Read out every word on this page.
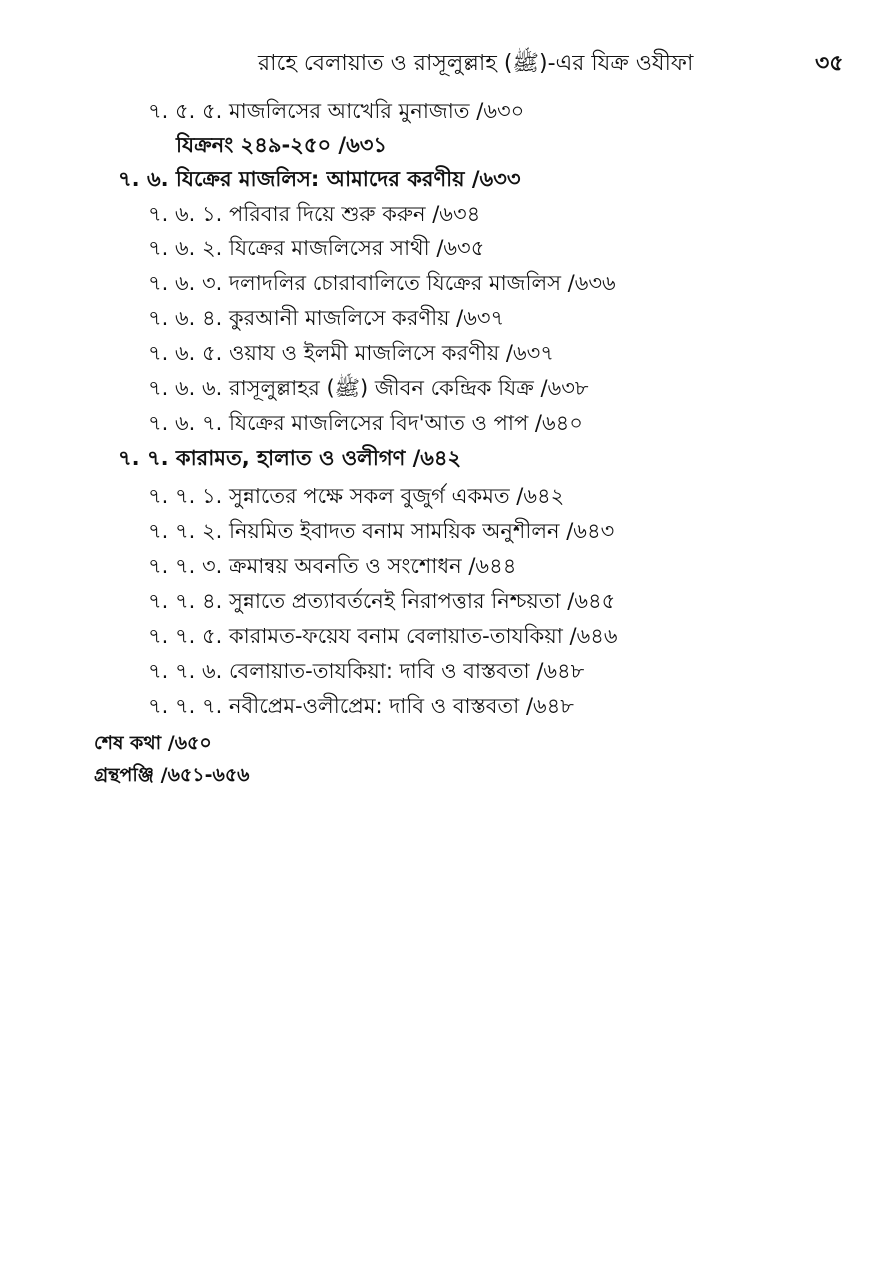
রাহে বেলায়াত ও রাসূলুল্লাহ (ﷺ)-এর যিক্র ওযীফা	৩৫
৭. ৫. ৫. মাজলিসের আখেরি মুনাজাত /৬৩০
যিক্রনং ২৪৯-২৫০ /৬৩১
৭. ৬. যিক্রের মাজলিস: আমাদের করণীয় /৬৩৩
৭. ৬. ১. পরিবার দিয়ে শুরু করুন /৬৩৪
৭. ৬. ২. যিক্রের মাজলিসের সাথী /৬৩৫
৭. ৬. ৩. দলাদলির চোরাবালিতে যিক্রের মাজলিস /৬৩৬
৭. ৬. ৪. কুরআনী মাজলিসে করণীয় /৬৩৭
৭. ৬. ৫. ওয়ায ও ইলমী মাজলিসে করণীয় /৬৩৭
৭. ৬. ৬. রাসূলুল্লাহর (ﷺ) জীবন কেন্দ্রিক যিক্র /৬৩৮
৭. ৬. ৭. যিক্রের মাজলিসের বিদ'আত ও পাপ /৬৪০
৭. ৭. কারামত, হালাত ও ওলীগণ /৬৪২
৭. ৭. ১. সুন্নাতের পক্ষে সকল বুজুর্গ একমত /৬৪২
৭. ৭. ২. নিয়মিত ইবাদত বনাম সাময়িক অনুশীলন /৬৪৩
৭. ৭. ৩. ক্রমান্বয় অবনতি ও সংশোধন /৬৪৪
৭. ৭. ৪. সুন্নাতে প্রত্যাবর্তনেই নিরাপত্তার নিশ্চয়তা /৬৪৫
৭. ৭. ৫. কারামত-ফয়েয বনাম বেলায়াত-তাযকিয়া /৬৪৬
৭. ৭. ৬. বেলায়াত-তাযকিয়া: দাবি ও বাস্তবতা /৬৪৮
৭. ৭. ৭. নবীপ্রেম-ওলীপ্রেম: দাবি ও বাস্তবতা /৬৪৮
শেষ কথা /৬৫০
গ্রন্থপঞ্জি /৬৫১-৬৫৬
